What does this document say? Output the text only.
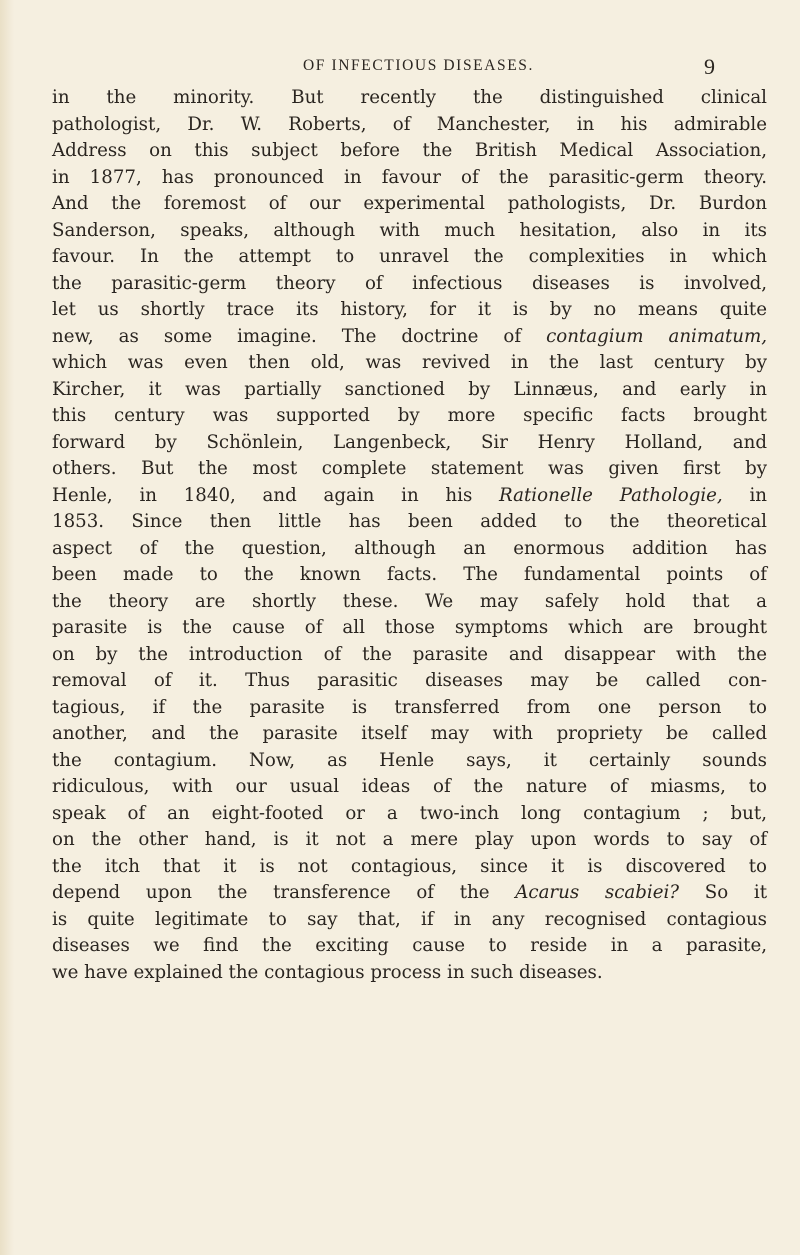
OF INFECTIOUS DISEASES.	9
in the minority. But recently the distinguished clinical
pathologist, Dr. W. Roberts, of Manchester, in his admirable
Address on this subject before the British Medical Association,
in 1877, has pronounced in favour of the parasitic-germ theory.
And the foremost of our experimental pathologists, Dr. Burdon
Sanderson, speaks, although with much hesitation, also in its
favour. In the attempt to unravel the complexities in which
the parasitic-germ theory of infectious diseases is involved,
let us shortly trace its history, for it is by no means quite
new, as some imagine. The doctrine of contagium animatum,
which was even then old, was revived in the last century by
Kircher, it was partially sanctioned by Linnæus, and early in
this century was supported by more specific facts brought
forward by Schönlein, Langenbeck, Sir Henry Holland, and
others. But the most complete statement was given first by
Henle, in 1840, and again in his Rationelle Pathologie, in
1853. Since then little has been added to the theoretical
aspect of the question, although an enormous addition has
been made to the known facts. The fundamental points of
the theory are shortly these. We may safely hold that a
parasite is the cause of all those symptoms which are brought
on by the introduction of the parasite and disappear with the
removal of it. Thus parasitic diseases may be called con-
tagious, if the parasite is transferred from one person to
another, and the parasite itself may with propriety be called
the contagium. Now, as Henle says, it certainly sounds
ridiculous, with our usual ideas of the nature of miasms, to
speak of an eight-footed or a two-inch long contagium ; but,
on the other hand, is it not a mere play upon words to say of
the itch that it is not contagious, since it is discovered to
depend upon the transference of the Acarus scabiei? So it
is quite legitimate to say that, if in any recognised contagious
diseases we find the exciting cause to reside in a parasite,
we have explained the contagious process in such diseases.
